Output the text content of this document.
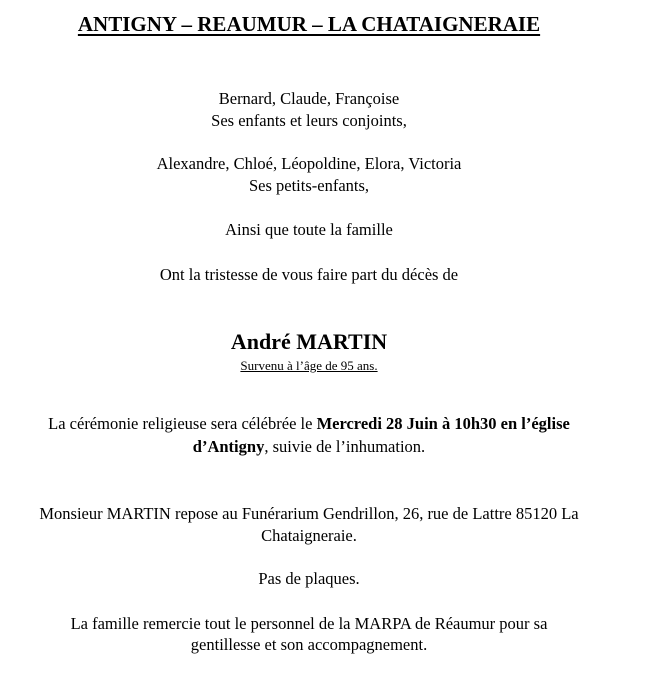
ANTIGNY – REAUMUR – LA CHATAIGNERAIE
Bernard, Claude, Françoise
Ses enfants et leurs conjoints,
Alexandre, Chloé, Léopoldine, Elora, Victoria
Ses petits-enfants,
Ainsi que toute la famille
Ont la tristesse de vous faire part du décès de
André MARTIN
Survenu à l’âge de 95 ans.
La cérémonie religieuse sera célébrée le Mercredi 28 Juin à 10h30 en l’église
d’Antigny, suivie de l’inhumation.
Monsieur MARTIN repose au Funérarium Gendrillon, 26, rue de Lattre 85120 La
Chataigneraie.
Pas de plaques.
La famille remercie tout le personnel de la MARPA de Réaumur pour sa
gentillesse et son accompagnement.
